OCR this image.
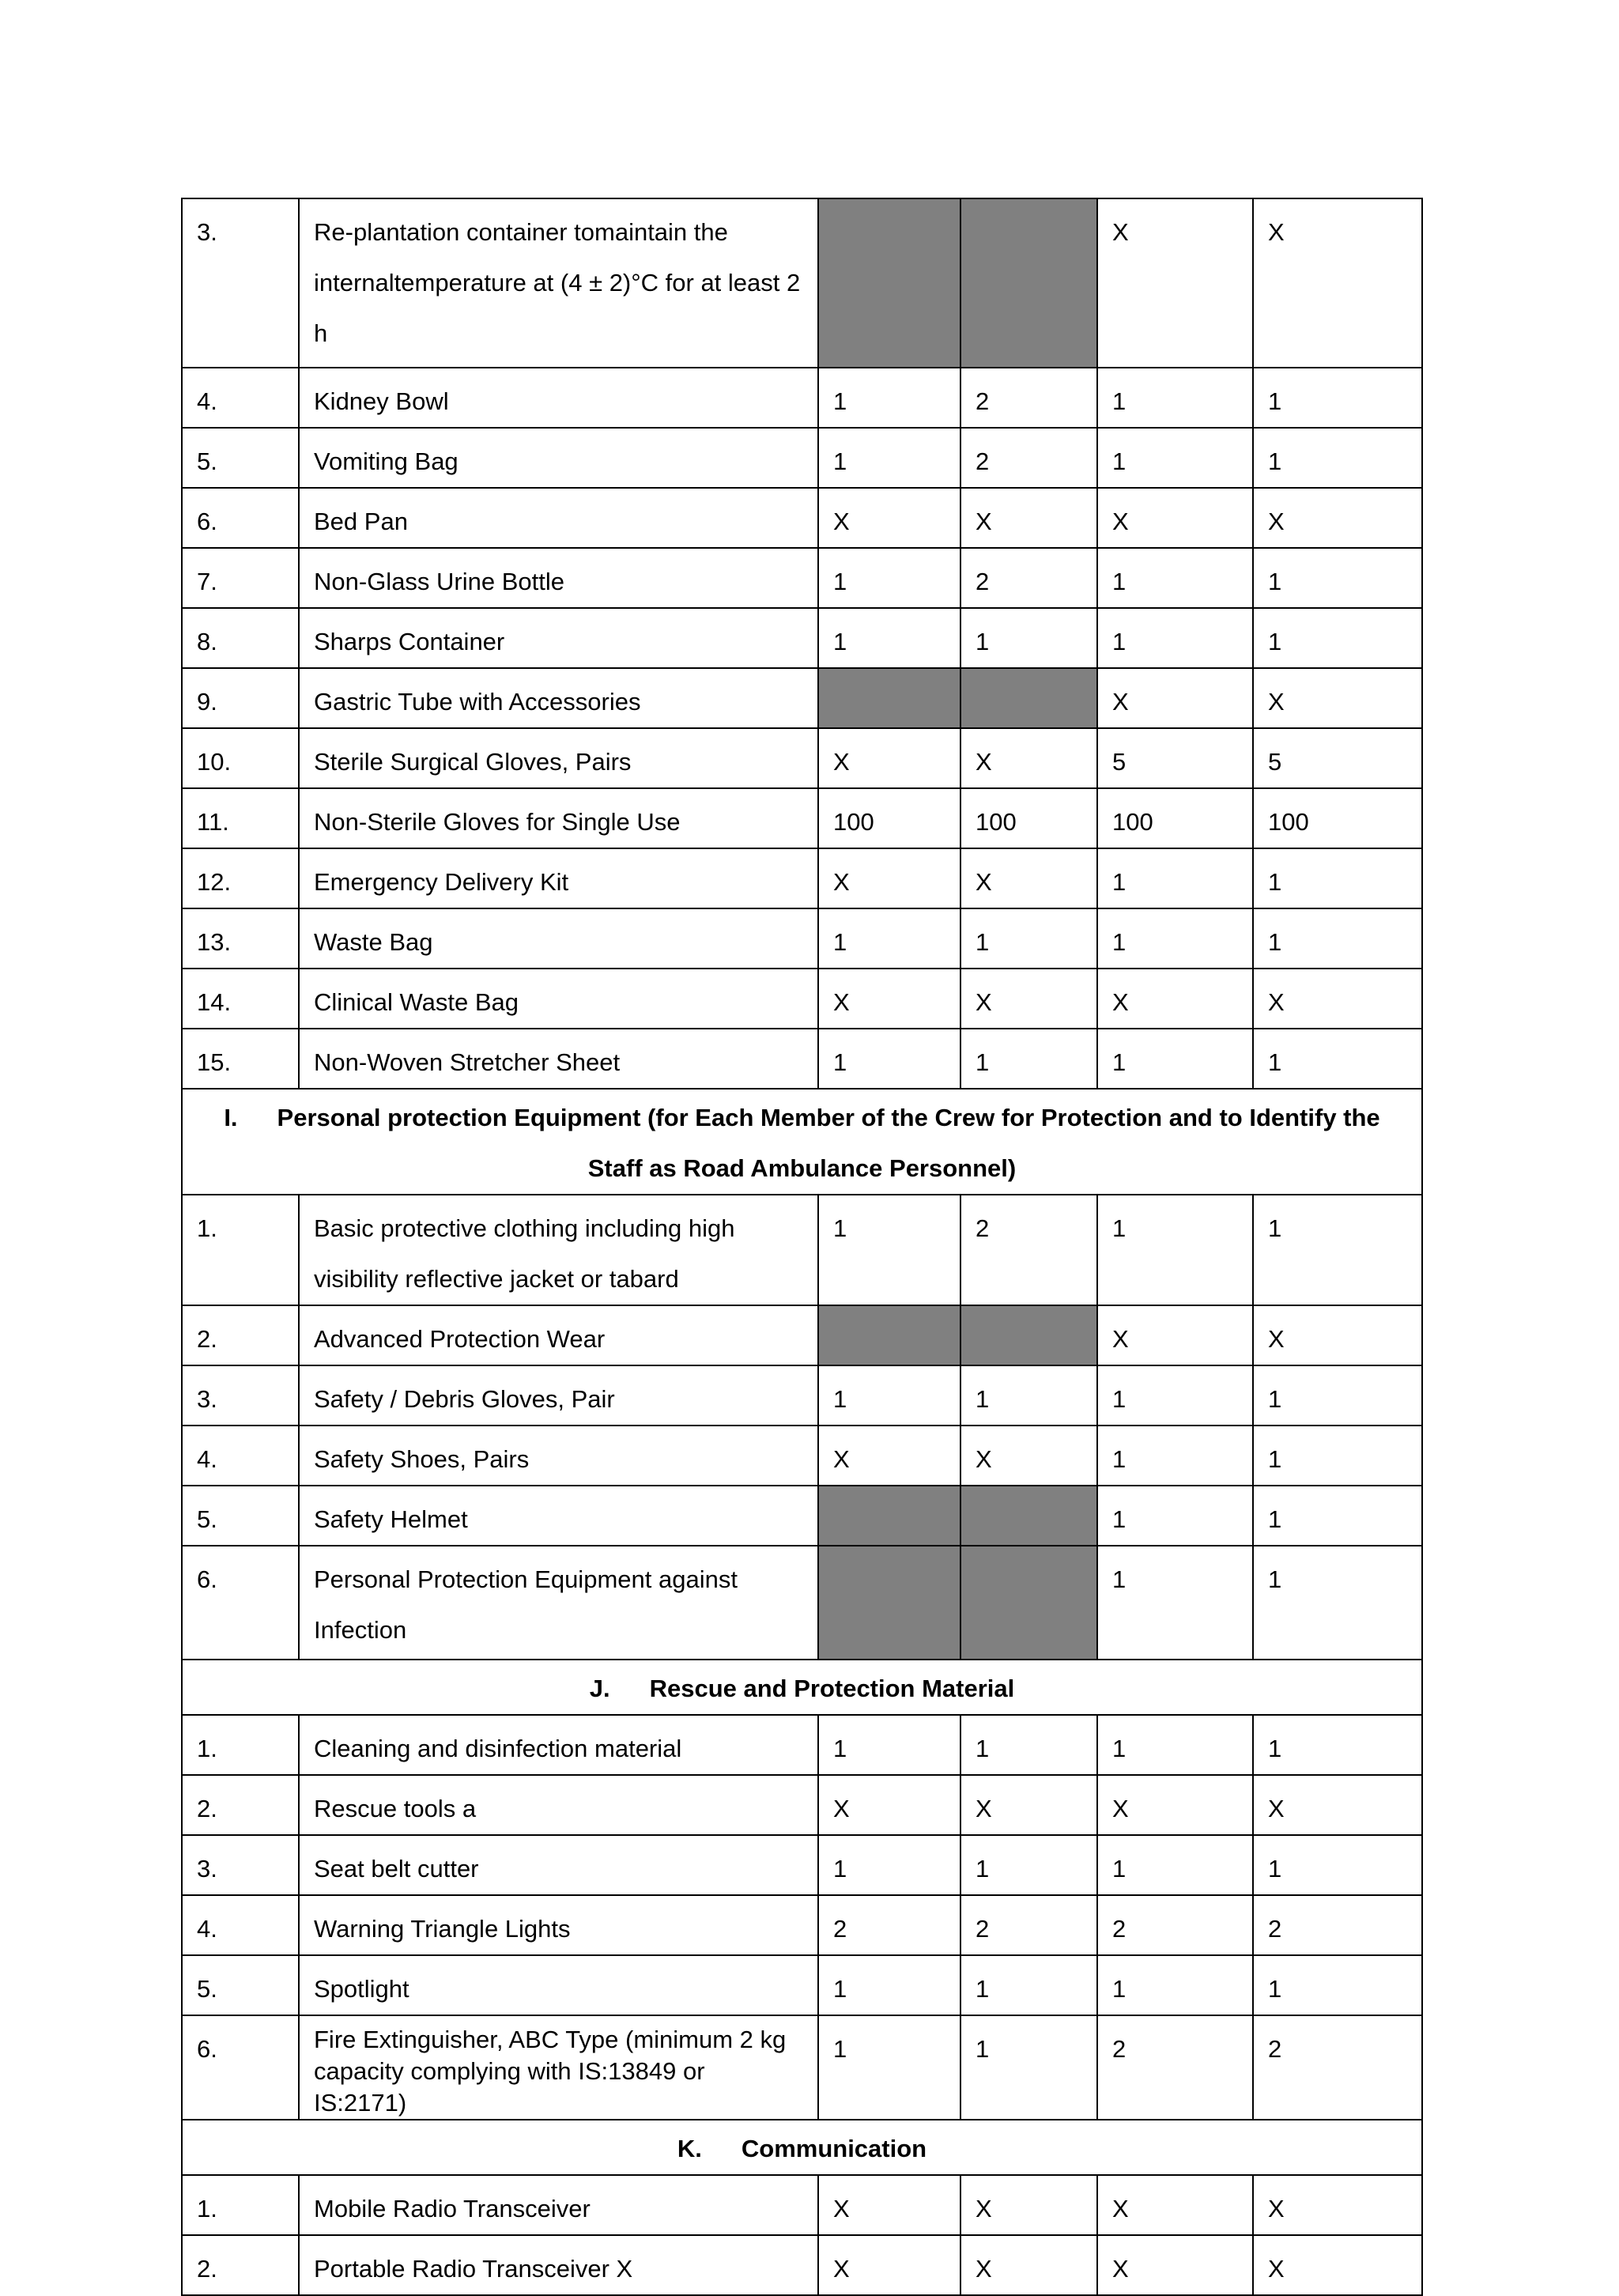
3.	Re-plantation container tomaintain the internaltemperature at (4 ± 2)°C for at least 2 h			X	X
4.	Kidney Bowl	1	2	1	1
5.	Vomiting Bag	1	2	1	1
6.	Bed Pan	X	X	X	X
7.	Non-Glass Urine Bottle	1	2	1	1
8.	Sharps Container	1	1	1	1
9.	Gastric Tube with Accessories			X	X
10.	Sterile Surgical Gloves, Pairs	X	X	5	5
11.	Non-Sterile Gloves for Single Use	100	100	100	100
12.	Emergency Delivery Kit	X	X	1	1
13.	Waste Bag	1	1	1	1
14.	Clinical Waste Bag	X	X	X	X
15.	Non-Woven Stretcher Sheet	1	1	1	1
I. Personal protection Equipment (for Each Member of the Crew for Protection and to Identify the Staff as Road Ambulance Personnel)					
1.	Basic protective clothing including high visibility reflective jacket or tabard	1	2	1	1
2.	Advanced Protection Wear			X	X
3.	Safety / Debris Gloves, Pair	1	1	1	1
4.	Safety Shoes, Pairs	X	X	1	1
5.	Safety Helmet			1	1
6.	Personal Protection Equipment against Infection			1	1
J. Rescue and Protection Material					
1.	Cleaning and disinfection material	1	1	1	1
2.	Rescue tools a	X	X	X	X
3.	Seat belt cutter	1	1	1	1
4.	Warning Triangle Lights	2	2	2	2
5.	Spotlight	1	1	1	1
6.	Fire Extinguisher, ABC Type (minimum 2 kg capacity complying with IS:13849 or IS:2171)	1	1	2	2
K. Communication					
1.	Mobile Radio Transceiver	X	X	X	X
2.	Portable Radio Transceiver X	X	X	X	X
